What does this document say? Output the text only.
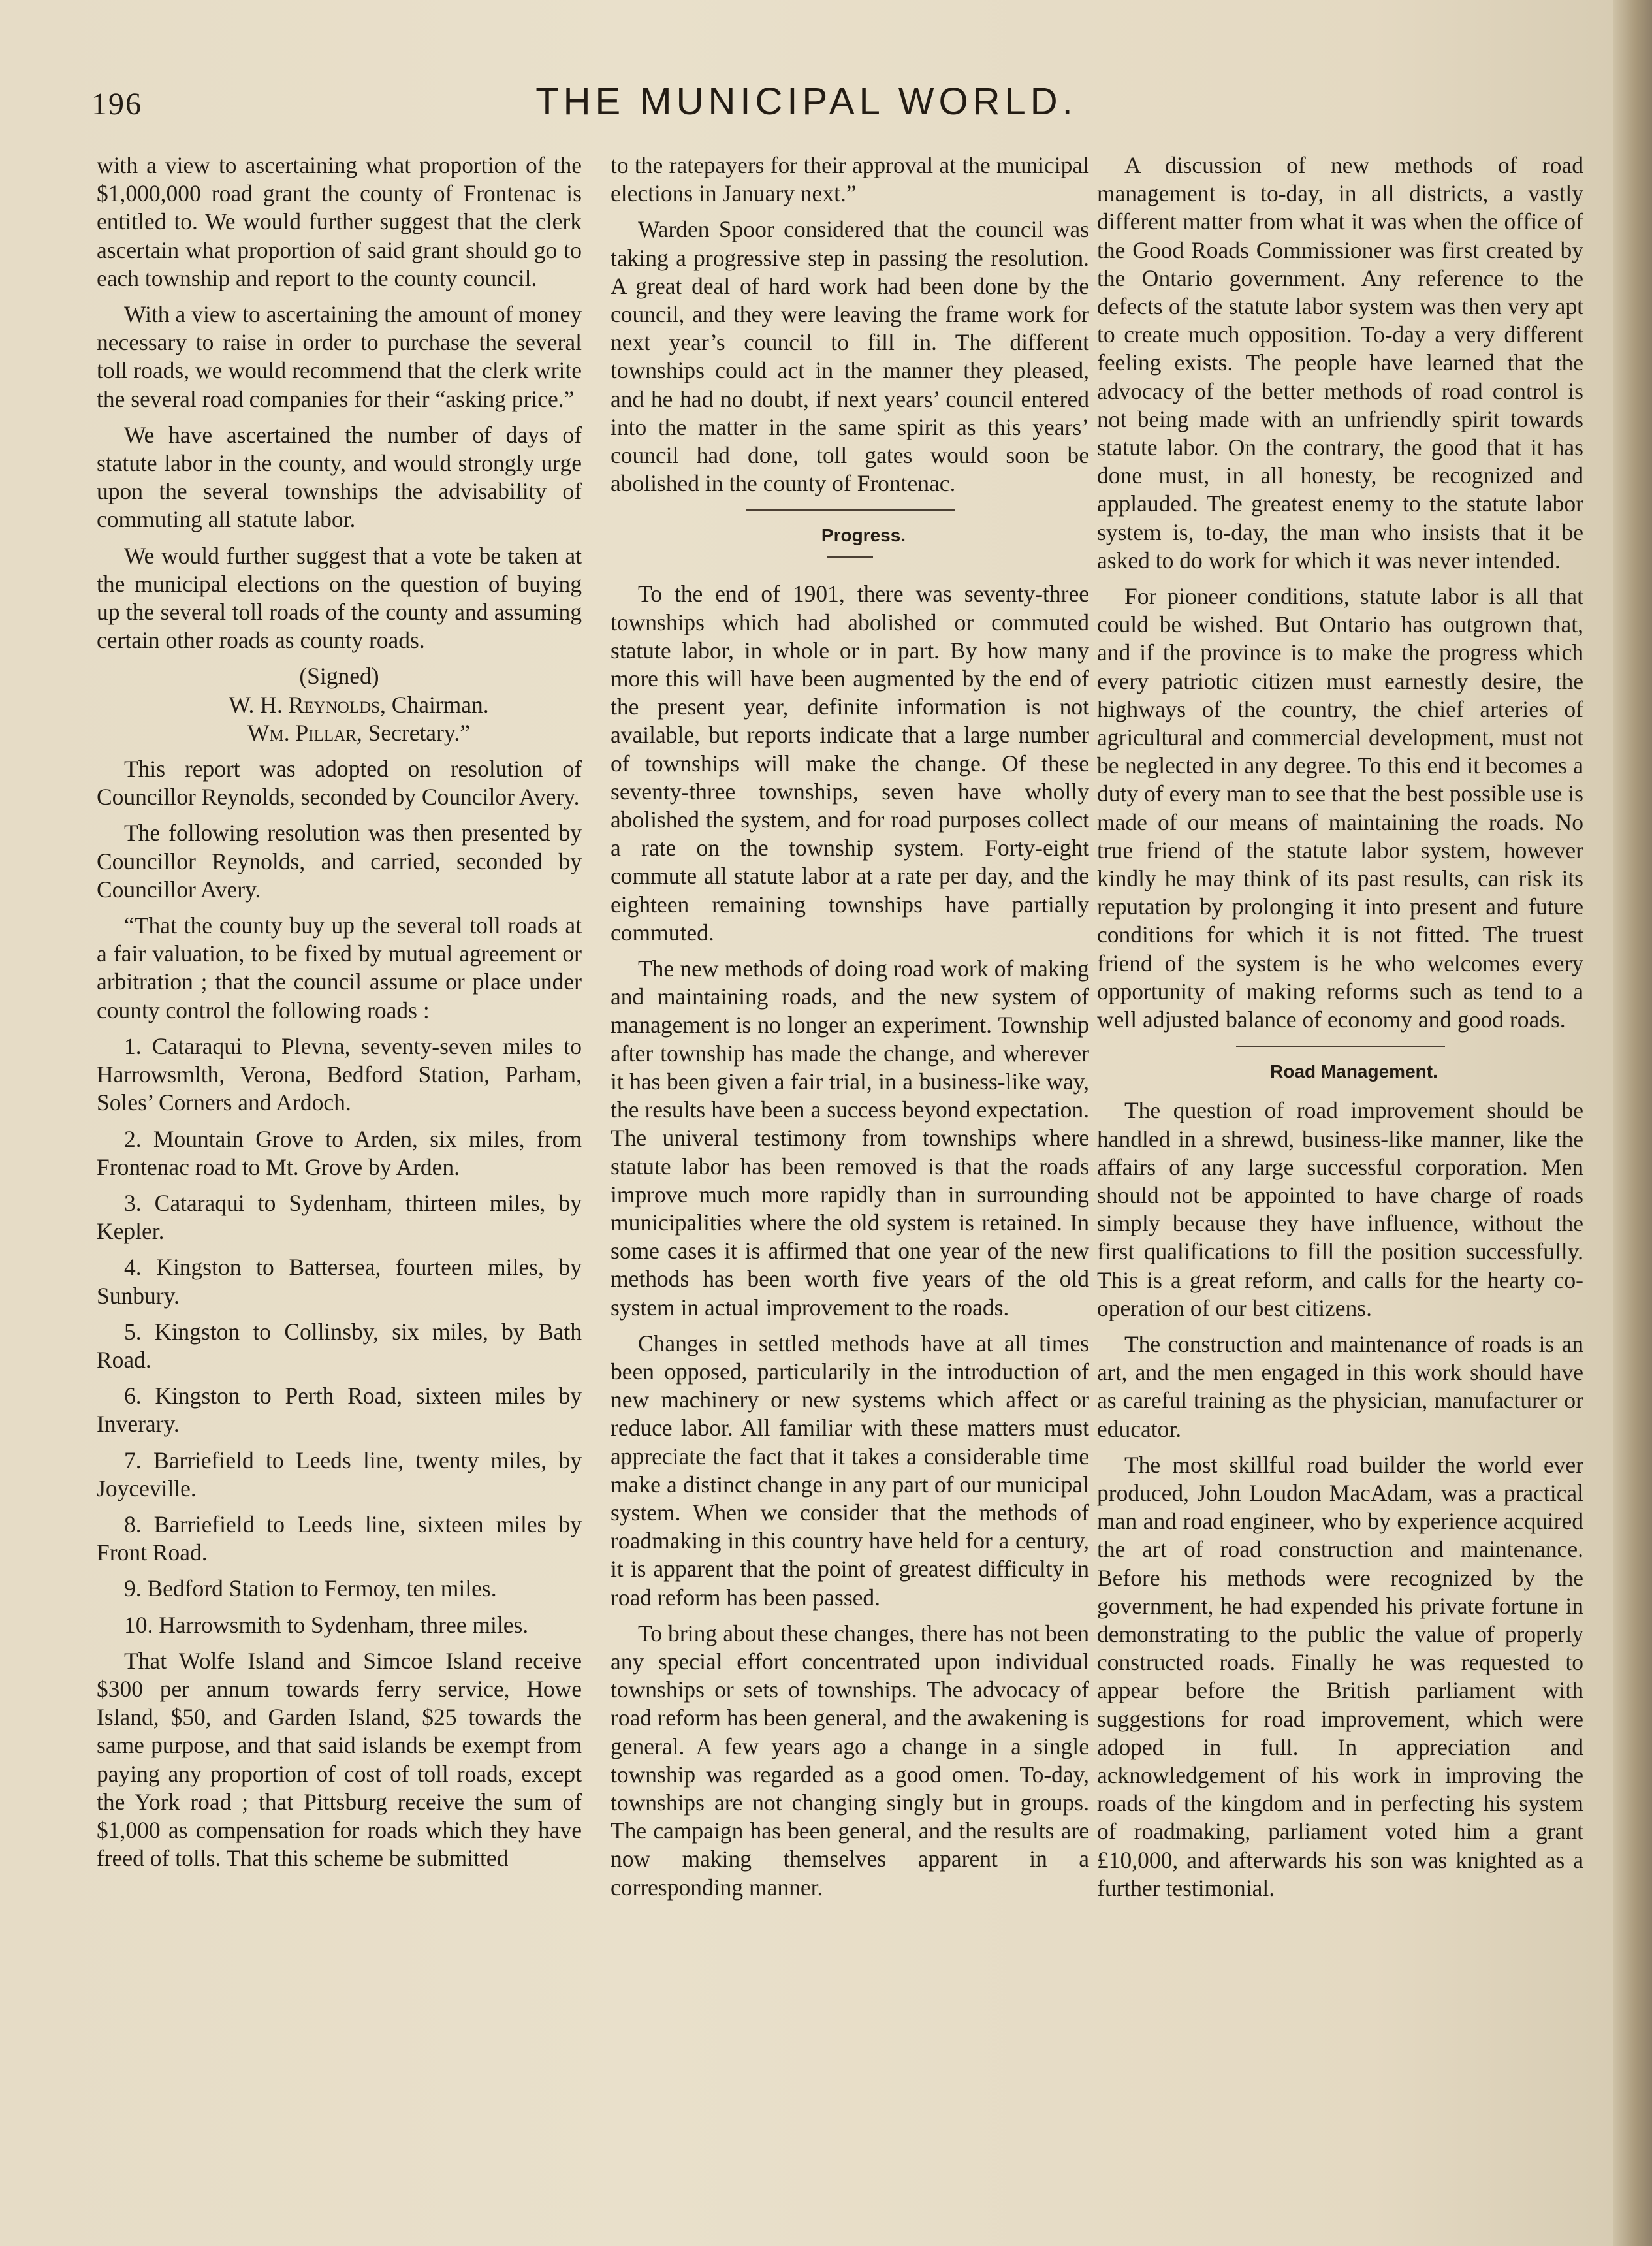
196	THE MUNICIPAL WORLD.

with a view to ascertaining what proportion of the $1,000,000 road grant the county of Frontenac is entitled to. We would further suggest that the clerk ascertain what proportion of said grant should go to each township and report to the county council.

With a view to ascertaining the amount of money necessary to raise in order to purchase the several toll roads, we would recommend that the clerk write the several road companies for their “asking price.”

We have ascertained the number of days of statute labor in the county, and would strongly urge upon the several townships the advisability of commuting all statute labor.

We would further suggest that a vote be taken at the municipal elections on the question of buying up the several toll roads of the county and assuming certain other roads as county roads.

(Signed)

W. H. Reynolds, Chairman.

Wm. Pillar, Secretary.”

This report was adopted on resolution of Councillor Reynolds, seconded by Councilor Avery.

The following resolution was then presented by Councillor Reynolds, and carried, seconded by Councillor Avery.

“That the county buy up the several toll roads at a fair valuation, to be fixed by mutual agreement or arbitration ; that the council assume or place under county control the following roads :

1. Cataraqui to Plevna, seventy-seven miles to Harrowsmlth, Verona, Bedford Station, Parham, Soles’ Corners and Ardoch.

2. Mountain Grove to Arden, six miles, from Frontenac road to Mt. Grove by Arden.

3. Cataraqui to Sydenham, thirteen miles, by Kepler.

4. Kingston to Battersea, fourteen miles, by Sunbury.

5. Kingston to Collinsby, six miles, by Bath Road.

6. Kingston to Perth Road, sixteen miles by Inverary.

7. Barriefield to Leeds line, twenty miles, by Joyceville.

8. Barriefield to Leeds line, sixteen miles by Front Road.

9. Bedford Station to Fermoy, ten miles.

10. Harrowsmith to Sydenham, three miles.

That Wolfe Island and Simcoe Island receive $300 per annum towards ferry service, Howe Island, $50, and Garden Island, $25 towards the same purpose, and that said islands be exempt from paying any proportion of cost of toll roads, except the York road ; that Pittsburg receive the sum of $1,000 as compensation for roads which they have freed of tolls. That this scheme be submitted

to the ratepayers for their approval at the municipal elections in January next.”

Warden Spoor considered that the council was taking a progressive step in passing the resolution. A great deal of hard work had been done by the council, and they were leaving the frame work for next year’s council to fill in. The different townships could act in the manner they pleased, and he had no doubt, if next years’ council entered into the matter in the same spirit as this years’ council had done, toll gates would soon be abolished in the county of Frontenac.

Progress.

To the end of 1901, there was seventy-three townships which had abolished or commuted statute labor, in whole or in part. By how many more this will have been augmented by the end of the present year, definite information is not available, but reports indicate that a large number of townships will make the change. Of these seventy-three townships, seven have wholly abolished the system, and for road purposes collect a rate on the township system. Forty-eight commute all statute labor at a rate per day, and the eighteen remaining townships have partially commuted.

The new methods of doing road work of making and maintaining roads, and the new system of management is no longer an experiment. Township after township has made the change, and wherever it has been given a fair trial, in a business-like way, the results have been a success beyond expectation. The univeral testimony from townships where statute labor has been removed is that the roads improve much more rapidly than in surrounding municipalities where the old system is retained. In some cases it is affirmed that one year of the new methods has been worth five years of the old system in actual improvement to the roads.

Changes in settled methods have at all times been opposed, particularily in the introduction of new machinery or new systems which affect or reduce labor. All familiar with these matters must appreciate the fact that it takes a considerable time make a distinct change in any part of our municipal system. When we consider that the methods of roadmaking in this country have held for a century, it is apparent that the point of greatest difficulty in road reform has been passed.

To bring about these changes, there has not been any special effort concentrated upon individual townships or sets of townships. The advocacy of road reform has been general, and the awakening is general. A few years ago a change in a single township was regarded as a good omen. To-day, townships are not changing singly but in groups. The campaign has been general, and the results are now making themselves apparent in a corresponding manner.

A discussion of new methods of road management is to-day, in all districts, a vastly different matter from what it was when the office of the Good Roads Commissioner was first created by the Ontario government. Any reference to the defects of the statute labor system was then very apt to create much opposition. To-day a very different feeling exists. The people have learned that the advocacy of the better methods of road control is not being made with an unfriendly spirit towards statute labor. On the contrary, the good that it has done must, in all honesty, be recognized and applauded. The greatest enemy to the statute labor system is, to-day, the man who insists that it be asked to do work for which it was never intended.

For pioneer conditions, statute labor is all that could be wished. But Ontario has outgrown that, and if the province is to make the progress which every patriotic citizen must earnestly desire, the highways of the country, the chief arteries of agricultural and commercial development, must not be neglected in any degree. To this end it becomes a duty of every man to see that the best possible use is made of our means of maintaining the roads. No true friend of the statute labor system, however kindly he may think of its past results, can risk its reputation by prolonging it into present and future conditions for which it is not fitted. The truest friend of the system is he who welcomes every opportunity of making reforms such as tend to a well adjusted balance of economy and good roads.

Road Management.

The question of road improvement should be handled in a shrewd, business-like manner, like the affairs of any large successful corporation. Men should not be appointed to have charge of roads simply because they have influence, without the first qualifications to fill the position successfully. This is a great reform, and calls for the hearty co-operation of our best citizens.

The construction and maintenance of roads is an art, and the men engaged in this work should have as careful training as the physician, manufacturer or educator.

The most skillful road builder the world ever produced, John Loudon MacAdam, was a practical man and road engineer, who by experience acquired the art of road construction and maintenance. Before his methods were recognized by the government, he had expended his private fortune in demonstrating to the public the value of properly constructed roads. Finally he was requested to appear before the British parliament with suggestions for road improvement, which were adoped in full. In appreciation and acknowledgement of his work in improving the roads of the kingdom and in perfecting his system of roadmaking, parliament voted him a grant £10,000, and afterwards his son was knighted as a further testimonial.
